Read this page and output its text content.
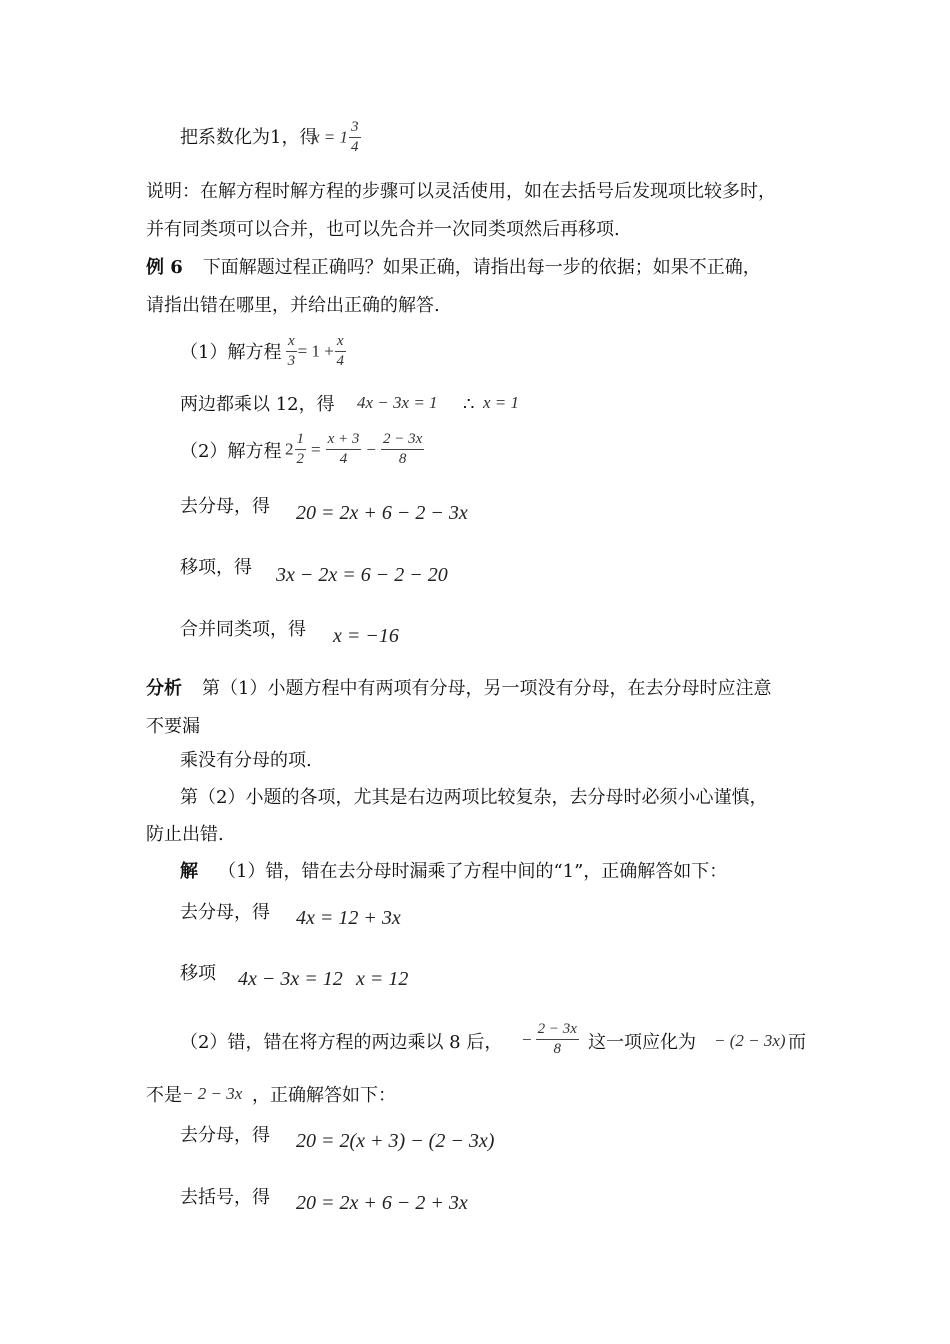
把系数化为1，得
$x = 1 \frac{3}{4}$
说明：在解方程时解方程的步骤可以灵活使用，如在去括号后发现项比较多时，
并有同类项可以合并，也可以先合并一次同类项然后再移项.
例 6 下面解题过程正确吗？如果正确，请指出每一步的依据；如果不正确，
请指出错在哪里，并给出正确的解答.
（1）解方程 $\frac{x}{3} = 1 + \frac{x}{4}$
两边都乘以 12，得 4x − 3x = 1 ∴ x = 1
（2）解方程 $2 \frac{1}{2} = \frac{x + 3}{4} - \frac{2 - 3x}{8}$
去分母，得 20 = 2x + 6 − 2 − 3x
移项，得 3x − 2x = 6 − 2 − 20
合并同类项，得 x = −16
分析 第（1）小题方程中有两项有分母，另一项没有分母，在去分母时应注意
不要漏
乘没有分母的项.
第（2）小题的各项，尤其是右边两项比较复杂，去分母时必须小心谨慎，
防止出错.
解 （1）错，错在去分母时漏乘了方程中间的“1”，正确解答如下：
去分母，得 4x = 12 + 3x
移项 4x − 3x = 12 x = 12
（2）错，错在将方程的两边乘以 8 后， − $\frac{2 - 3x}{8}$ 这一项应化为 − (2 − 3x) 而
不是 − 2 − 3x ，正确解答如下：
去分母，得 20 = 2(x + 3) − (2 − 3x)
去括号，得 20 = 2x + 6 − 2 + 3x
